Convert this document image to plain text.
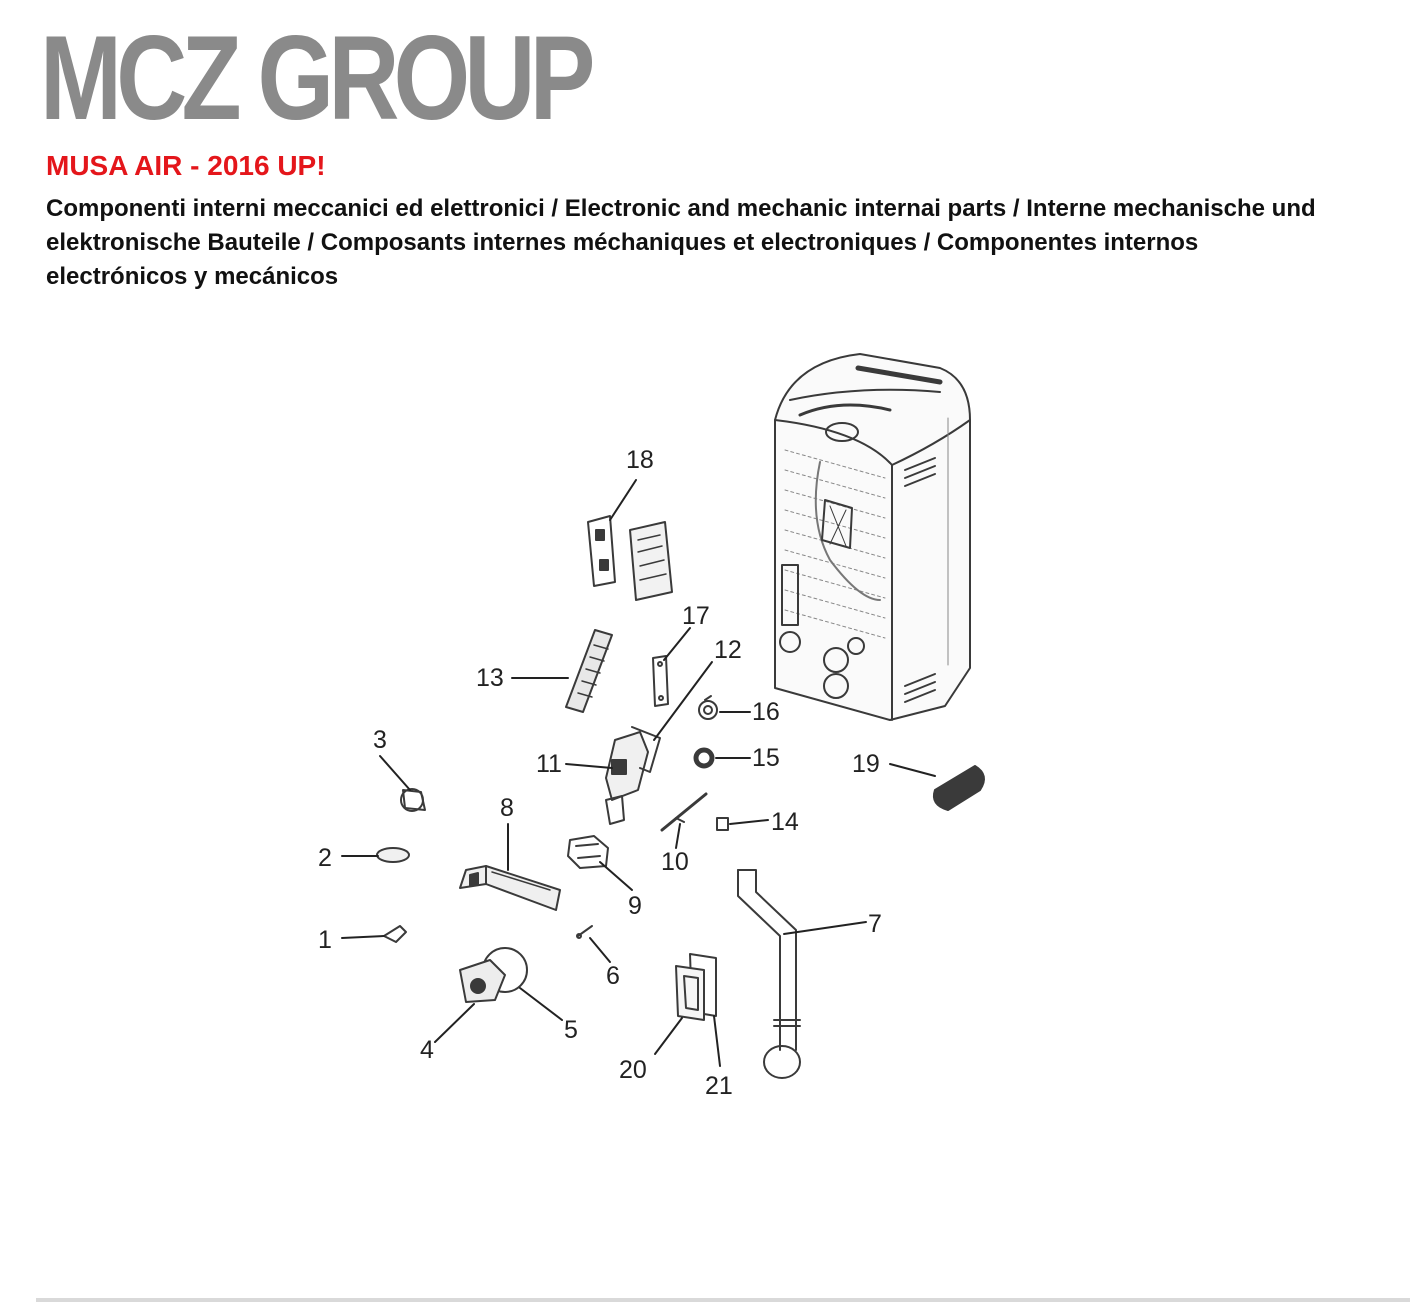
MCZ GROUP
MUSA AIR - 2016 UP!
Componenti interni meccanici ed elettronici / Electronic and mechanic internai parts / Interne mechanische und elektronische Bauteile / Composants internes méchaniques et electroniques / Componentes internos electrónicos y mecánicos
18
17
12
13
16
3
11	15	19
8	14
2	10
9
1
7
6
5
4
20
21
